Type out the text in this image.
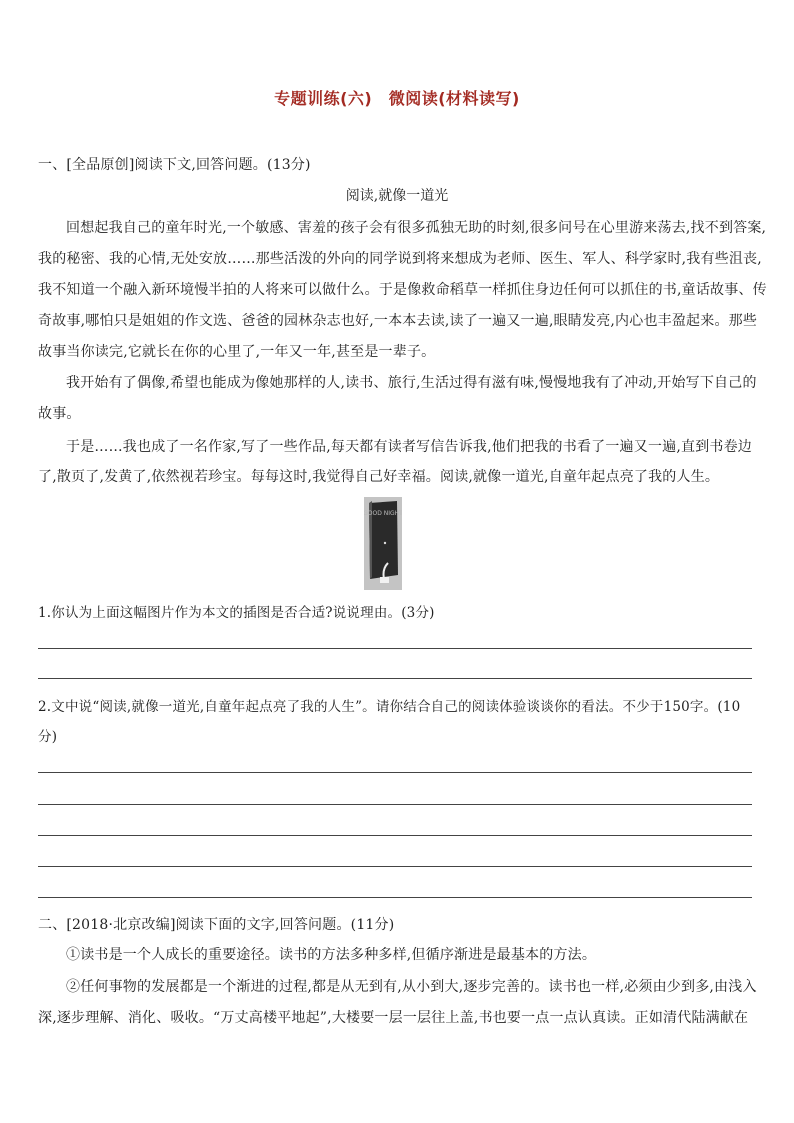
专题训练(六)　微阅读(材料读写)
一、[全品原创]阅读下文,回答问题。(13分)
阅读,就像一道光
回想起我自己的童年时光,一个敏感、害羞的孩子会有很多孤独无助的时刻,很多问号在心里游来荡去,找不到答案,
我的秘密、我的心情,无处安放……那些活泼的外向的同学说到将来想成为老师、医生、军人、科学家时,我有些沮丧,
我不知道一个融入新环境慢半拍的人将来可以做什么。于是像救命稻草一样抓住身边任何可以抓住的书,童话故事、传
奇故事,哪怕只是姐姐的作文选、爸爸的园林杂志也好,一本本去读,读了一遍又一遍,眼睛发亮,内心也丰盈起来。那些
故事当你读完,它就长在你的心里了,一年又一年,甚至是一辈子。
我开始有了偶像,希望也能成为像她那样的人,读书、旅行,生活过得有滋有味,慢慢地我有了冲动,开始写下自己的
故事。
于是……我也成了一名作家,写了一些作品,每天都有读者写信告诉我,他们把我的书看了一遍又一遍,直到书卷边
了,散页了,发黄了,依然视若珍宝。每每这时,我觉得自己好幸福。阅读,就像一道光,自童年起点亮了我的人生。
GOOD NIGHT
1.你认为上面这幅图片作为本文的插图是否合适?说说理由。(3分)
2.文中说“阅读,就像一道光,自童年起点亮了我的人生”。请你结合自己的阅读体验谈谈你的看法。不少于150字。(10
分)
二、[2018·北京改编]阅读下面的文字,回答问题。(11分)
①读书是一个人成长的重要途径。读书的方法多种多样,但循序渐进是最基本的方法。
②任何事物的发展都是一个渐进的过程,都是从无到有,从小到大,逐步完善的。读书也一样,必须由少到多,由浅入
深,逐步理解、消化、吸收。“万丈高楼平地起”,大楼要一层一层往上盖,书也要一点一点认真读。正如清代陆满献在
